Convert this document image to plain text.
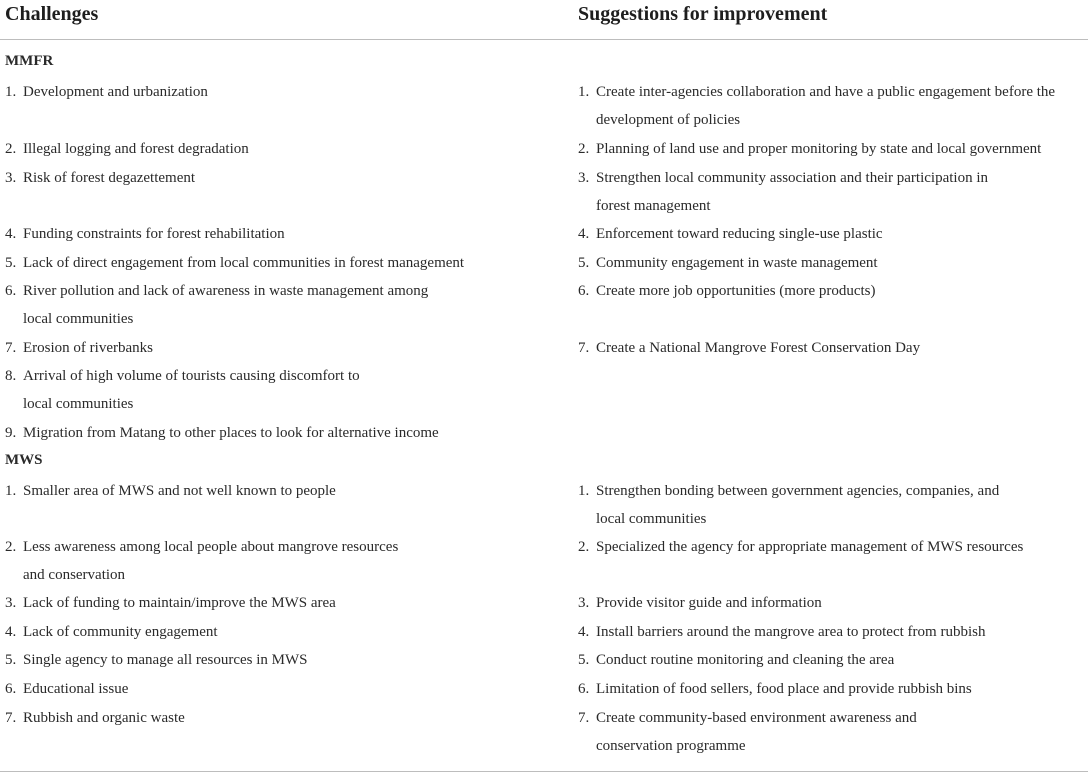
Challenges	Suggestions for improvement
MMFR
1. Development and urbanization
2. Illegal logging and forest degradation
3. Risk of forest degazettement
4. Funding constraints for forest rehabilitation
5. Lack of direct engagement from local communities in forest management
6. River pollution and lack of awareness in waste management among
local communities
7. Erosion of riverbanks
8. Arrival of high volume of tourists causing discomfort to
local communities
9. Migration from Matang to other places to look for alternative income
1. Create inter-agencies collaboration and have a public engagement before the
development of policies
2. Planning of land use and proper monitoring by state and local government
3. Strengthen local community association and their participation in
forest management
4. Enforcement toward reducing single-use plastic
5. Community engagement in waste management
6. Create more job opportunities (more products)
7. Create a National Mangrove Forest Conservation Day
MWS
1. Smaller area of MWS and not well known to people
2. Less awareness among local people about mangrove resources
and conservation
3. Lack of funding to maintain/improve the MWS area
4. Lack of community engagement
5. Single agency to manage all resources in MWS
6. Educational issue
7. Rubbish and organic waste
1. Strengthen bonding between government agencies, companies, and
local communities
2. Specialized the agency for appropriate management of MWS resources
3. Provide visitor guide and information
4. Install barriers around the mangrove area to protect from rubbish
5. Conduct routine monitoring and cleaning the area
6. Limitation of food sellers, food place and provide rubbish bins
7. Create community-based environment awareness and
conservation programme
